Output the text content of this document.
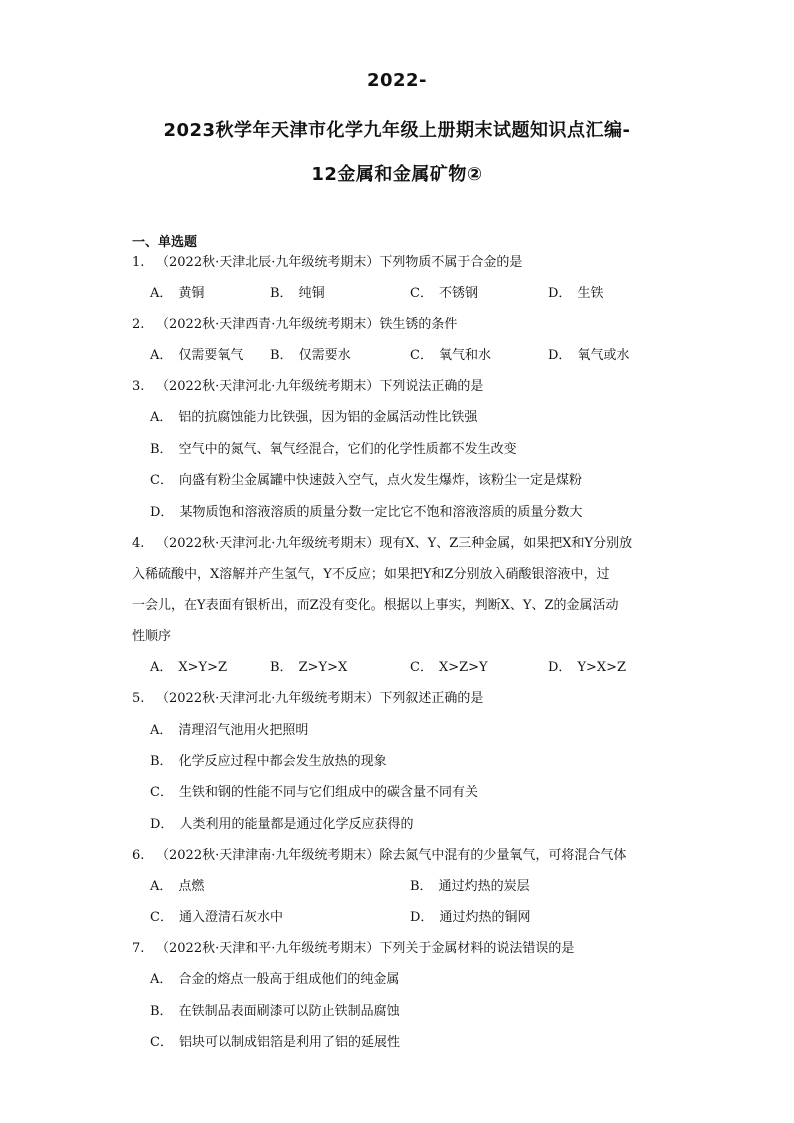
2022-
2023秋学年天津市化学九年级上册期末试题知识点汇编-
12金属和金属矿物②
一、单选题
1. （2022秋·天津北辰·九年级统考期末）下列物质不属于合金的是
A． 黄铜	B． 纯铜	C． 不锈钢	D． 生铁
2. （2022秋·天津西青·九年级统考期末）铁生锈的条件
A． 仅需要氧气 B． 仅需要水	C． 氧气和水	D． 氧气或水
3. （2022秋·天津河北·九年级统考期末）下列说法正确的是
A． 铝的抗腐蚀能力比铁强，因为铝的金属活动性比铁强
B． 空气中的氮气、氧气经混合，它们的化学性质都不发生改变
C． 向盛有粉尘金属罐中快速鼓入空气，点火发生爆炸，该粉尘一定是煤粉
D． 某物质饱和溶液溶质的质量分数一定比它不饱和溶液溶质的质量分数大
4. （2022秋·天津河北·九年级统考期末）现有X、Y、Z三种金属，如果把X和Y分别放
入稀硫酸中，X溶解并产生氢气，Y不反应；如果把Y和Z分别放入硝酸银溶液中，过
一会儿，在Y表面有银析出，而Z没有变化。根据以上事实，判断X、Y、Z的金属活动
性顺序
A． X>Y>Z	B． Z>Y>X	C． X>Z>Y	D． Y>X>Z
5. （2022秋·天津河北·九年级统考期末）下列叙述正确的是
A． 清理沼气池用火把照明
B． 化学反应过程中都会发生放热的现象
C． 生铁和钢的性能不同与它们组成中的碳含量不同有关
D． 人类利用的能量都是通过化学反应获得的
6. （2022秋·天津津南·九年级统考期末）除去氮气中混有的少量氧气，可将混合气体
A． 点燃	B． 通过灼热的炭层
C． 通入澄清石灰水中	D． 通过灼热的铜网
7. （2022秋·天津和平·九年级统考期末）下列关于金属材料的说法错误的是
A． 合金的熔点一般高于组成他们的纯金属
B． 在铁制品表面刷漆可以防止铁制品腐蚀
C． 铝块可以制成铝箔是利用了铝的延展性
